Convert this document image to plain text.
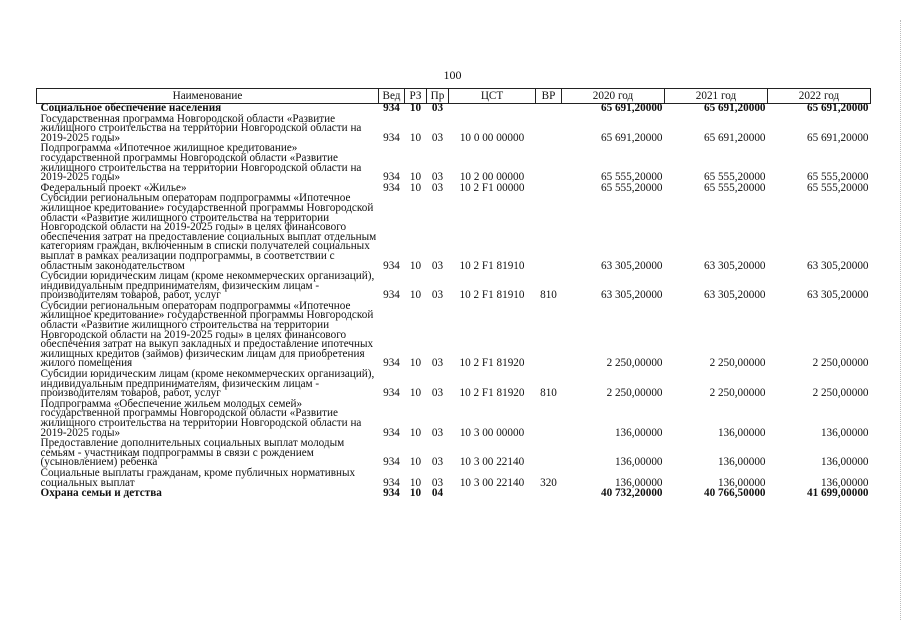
100
Наименование	Вед	РЗ	Пр	ЦСТ	ВР	2020 год	2021 год	2022 год
Социальное обеспечение населения	934	10	03			65 691,20000	65 691,20000	65 691,20000
Государственная программа Новгородской области «Развитие жилищного строительства на территории Новгородской области на 2019-2025 годы»	934	10	03	10 0 00 00000		65 691,20000	65 691,20000	65 691,20000
Подпрограмма «Ипотечное жилищное кредитование» государственной программы Новгородской области «Развитие жилищного строительства на территории Новгородской области на 2019-2025 годы»	934	10	03	10 2 00 00000		65 555,20000	65 555,20000	65 555,20000
Федеральный проект «Жилье»	934	10	03	10 2 F1 00000		65 555,20000	65 555,20000	65 555,20000
Субсидии региональным операторам подпрограммы «Ипотечное жилищное кредитование» государственной программы Новгородской области «Развитие жилищного строительства на территории Новгородской области на 2019-2025 годы» в целях финансового обеспечения затрат на предоставление социальных выплат отдельным категориям граждан, включенным в списки получателей социальных выплат в рамках реализации подпрограммы, в соответствии с областным законодательством	934	10	03	10 2 F1 81910		63 305,20000	63 305,20000	63 305,20000
Субсидии юридическим лицам (кроме некоммерческих организаций), индивидуальным предпринимателям, физическим лицам - производителям товаров, работ, услуг	934	10	03	10 2 F1 81910	810	63 305,20000	63 305,20000	63 305,20000
Субсидии региональным операторам подпрограммы «Ипотечное жилищное кредитование» государственной программы Новгородской области «Развитие жилищного строительства на территории Новгородской области на 2019-2025 годы» в целях финансового обеспечения затрат на выкуп закладных и предоставление ипотечных жилищных кредитов (займов) физическим лицам для приобретения жилого помещения	934	10	03	10 2 F1 81920		2 250,00000	2 250,00000	2 250,00000
Субсидии юридическим лицам (кроме некоммерческих организаций), индивидуальным предпринимателям, физическим лицам - производителям товаров, работ, услуг	934	10	03	10 2 F1 81920	810	2 250,00000	2 250,00000	2 250,00000
Подпрограмма «Обеспечение жильем молодых семей» государственной программы Новгородской области «Развитие жилищного строительства на территории Новгородской области на 2019-2025 годы»	934	10	03	10 3 00 00000		136,00000	136,00000	136,00000
Предоставление дополнительных социальных выплат молодым семьям - участникам подпрограммы в связи с рождением (усыновлением) ребенка	934	10	03	10 3 00 22140		136,00000	136,00000	136,00000
Социальные выплаты гражданам, кроме публичных нормативных социальных выплат	934	10	03	10 3 00 22140	320	136,00000	136,00000	136,00000
Охрана семьи и детства	934	10	04			40 732,20000	40 766,50000	41 699,00000
